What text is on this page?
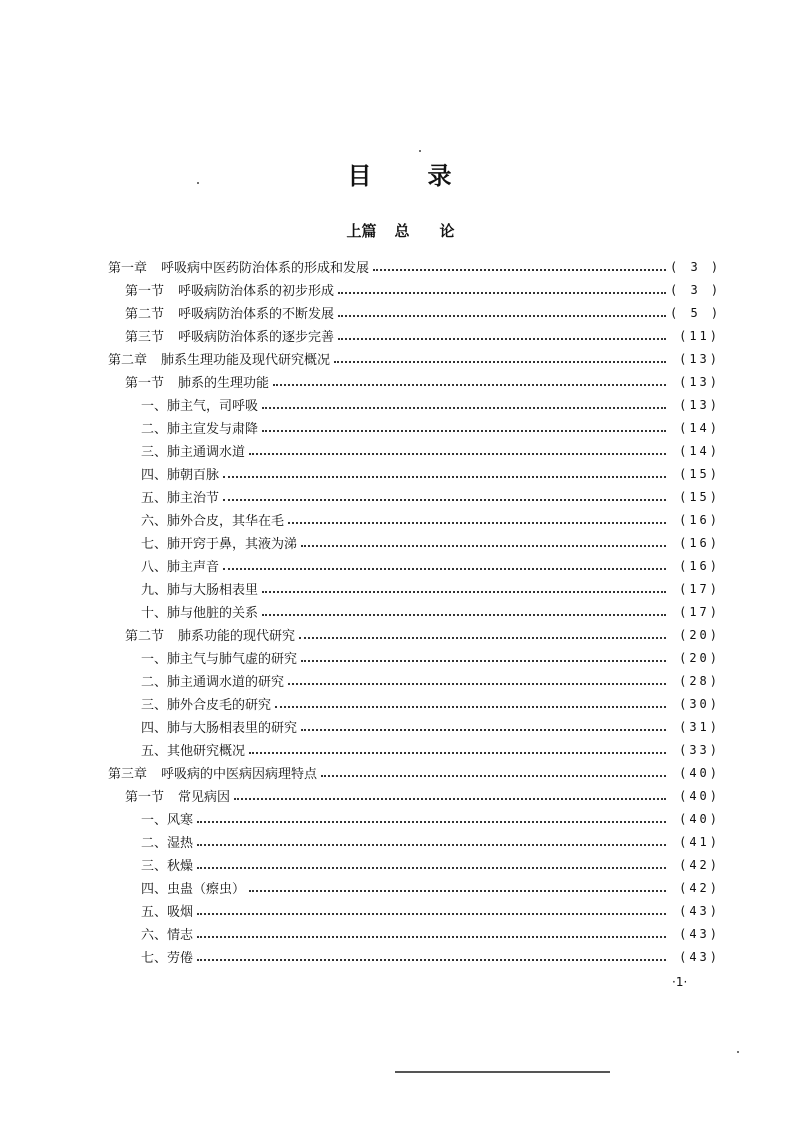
目 录
上篇 总 论
第一章 呼吸病中医药防治体系的形成和发展	( 3 )
第一节 呼吸病防治体系的初步形成	( 3 )
第二节 呼吸病防治体系的不断发展	( 5 )
第三节 呼吸病防治体系的逐步完善	(11)
第二章 肺系生理功能及现代研究概况	(13)
第一节 肺系的生理功能	(13)
一、肺主气，司呼吸	(13)
二、肺主宣发与肃降	(14)
三、肺主通调水道	(14)
四、肺朝百脉	(15)
五、肺主治节	(15)
六、肺外合皮，其华在毛	(16)
七、肺开窍于鼻，其液为涕	(16)
八、肺主声音	(16)
九、肺与大肠相表里	(17)
十、肺与他脏的关系	(17)
第二节 肺系功能的现代研究	(20)
一、肺主气与肺气虚的研究	(20)
二、肺主通调水道的研究	(28)
三、肺外合皮毛的研究	(30)
四、肺与大肠相表里的研究	(31)
五、其他研究概况	(33)
第三章 呼吸病的中医病因病理特点	(40)
第一节 常见病因	(40)
一、风寒	(40)
二、湿热	(41)
三、秋燥	(42)
四、虫蛊（瘵虫）	(42)
五、吸烟	(43)
六、情志	(43)
七、劳倦	(43)
·1·
